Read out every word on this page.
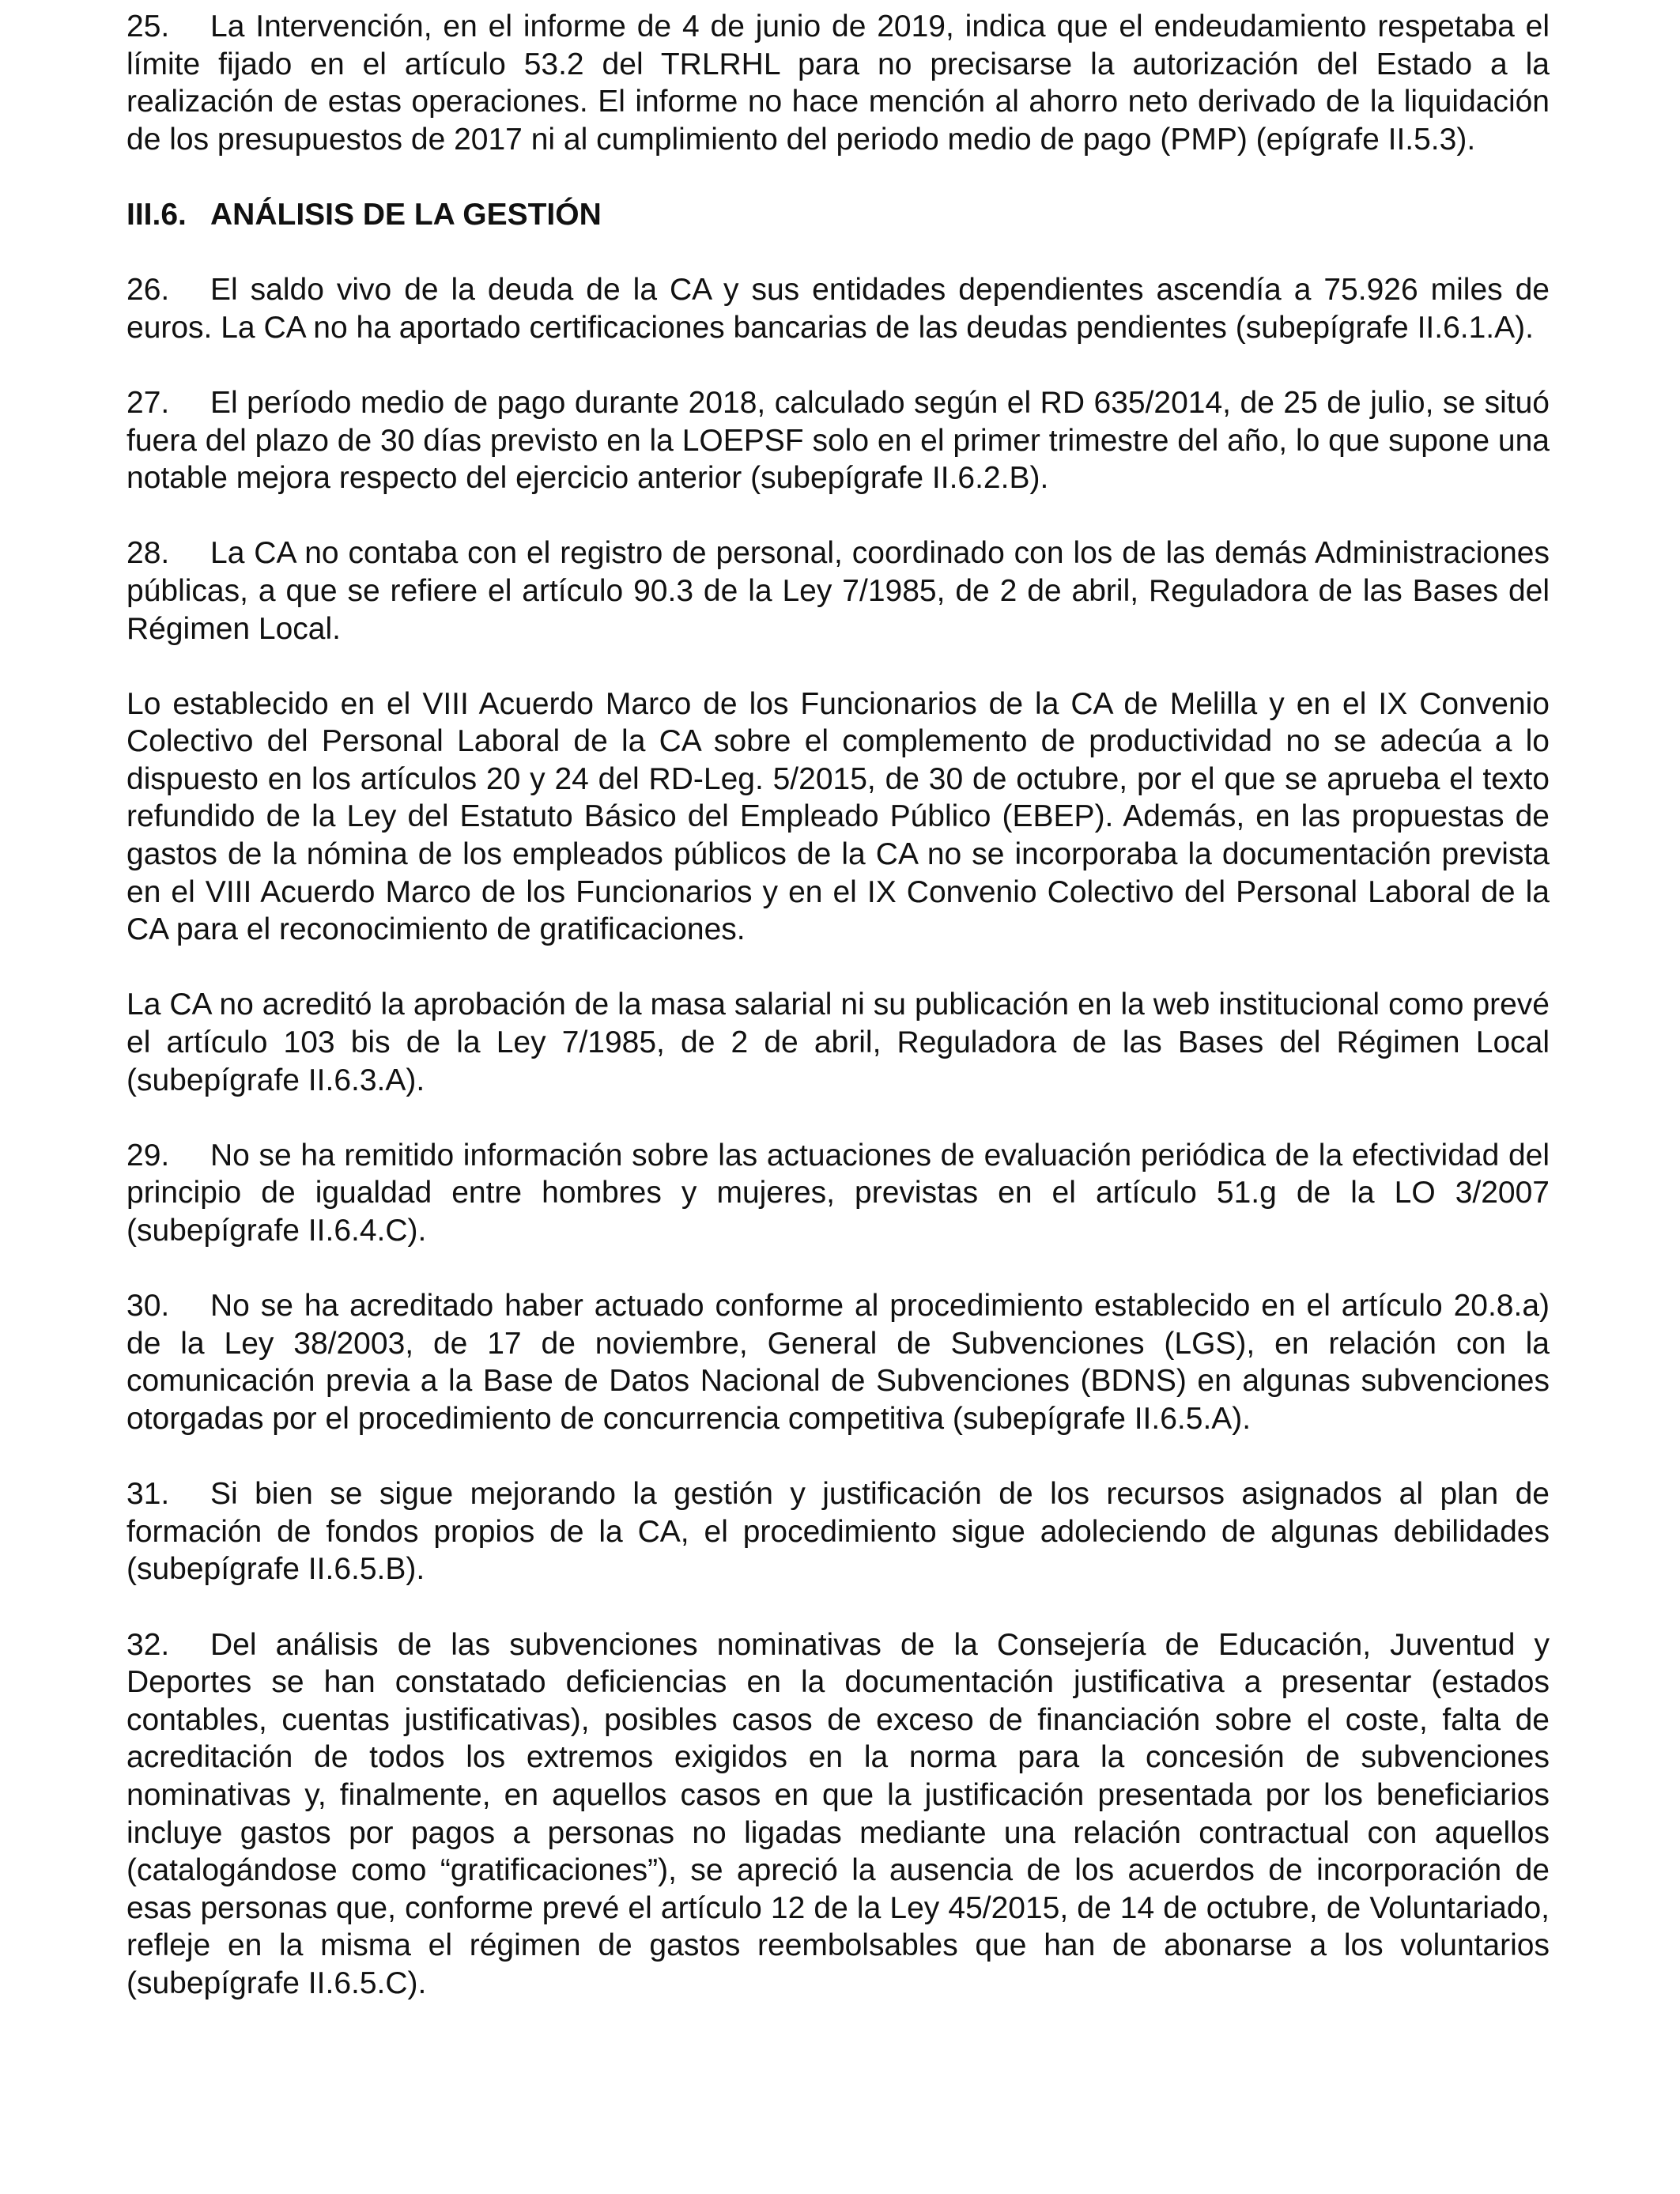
25. La Intervención, en el informe de 4 de junio de 2019, indica que el endeudamiento respetaba el límite fijado en el artículo 53.2 del TRLRHL para no precisarse la autorización del Estado a la realización de estas operaciones. El informe no hace mención al ahorro neto derivado de la liquidación de los presupuestos de 2017 ni al cumplimiento del periodo medio de pago (PMP) (epígrafe II.5.3).

III.6. ANÁLISIS DE LA GESTIÓN

26. El saldo vivo de la deuda de la CA y sus entidades dependientes ascendía a 75.926 miles de euros. La CA no ha aportado certificaciones bancarias de las deudas pendientes (subepígrafe II.6.1.A).

27. El período medio de pago durante 2018, calculado según el RD 635/2014, de 25 de julio, se situó fuera del plazo de 30 días previsto en la LOEPSF solo en el primer trimestre del año, lo que supone una notable mejora respecto del ejercicio anterior (subepígrafe II.6.2.B).

28. La CA no contaba con el registro de personal, coordinado con los de las demás Administraciones públicas, a que se refiere el artículo 90.3 de la Ley 7/1985, de 2 de abril, Reguladora de las Bases del Régimen Local.

Lo establecido en el VIII Acuerdo Marco de los Funcionarios de la CA de Melilla y en el IX Convenio Colectivo del Personal Laboral de la CA sobre el complemento de productividad no se adecúa a lo dispuesto en los artículos 20 y 24 del RD-Leg. 5/2015, de 30 de octubre, por el que se aprueba el texto refundido de la Ley del Estatuto Básico del Empleado Público (EBEP). Además, en las propuestas de gastos de la nómina de los empleados públicos de la CA no se incorporaba la documentación prevista en el VIII Acuerdo Marco de los Funcionarios y en el IX Convenio Colectivo del Personal Laboral de la CA para el reconocimiento de gratificaciones.

La CA no acreditó la aprobación de la masa salarial ni su publicación en la web institucional como prevé el artículo 103 bis de la Ley 7/1985, de 2 de abril, Reguladora de las Bases del Régimen Local (subepígrafe II.6.3.A).

29. No se ha remitido información sobre las actuaciones de evaluación periódica de la efectividad del principio de igualdad entre hombres y mujeres, previstas en el artículo 51.g de la LO 3/2007 (subepígrafe II.6.4.C).

30. No se ha acreditado haber actuado conforme al procedimiento establecido en el artículo 20.8.a) de la Ley 38/2003, de 17 de noviembre, General de Subvenciones (LGS), en relación con la comunicación previa a la Base de Datos Nacional de Subvenciones (BDNS) en algunas subvenciones otorgadas por el procedimiento de concurrencia competitiva (subepígrafe II.6.5.A).

31. Si bien se sigue mejorando la gestión y justificación de los recursos asignados al plan de formación de fondos propios de la CA, el procedimiento sigue adoleciendo de algunas debilidades (subepígrafe II.6.5.B).

32. Del análisis de las subvenciones nominativas de la Consejería de Educación, Juventud y Deportes se han constatado deficiencias en la documentación justificativa a presentar (estados contables, cuentas justificativas), posibles casos de exceso de financiación sobre el coste, falta de acreditación de todos los extremos exigidos en la norma para la concesión de subvenciones nominativas y, finalmente, en aquellos casos en que la justificación presentada por los beneficiarios incluye gastos por pagos a personas no ligadas mediante una relación contractual con aquellos (catalogándose como “gratificaciones”), se apreció la ausencia de los acuerdos de incorporación de esas personas que, conforme prevé el artículo 12 de la Ley 45/2015, de 14 de octubre, de Voluntariado, refleje en la misma el régimen de gastos reembolsables que han de abonarse a los voluntarios (subepígrafe II.6.5.C).
